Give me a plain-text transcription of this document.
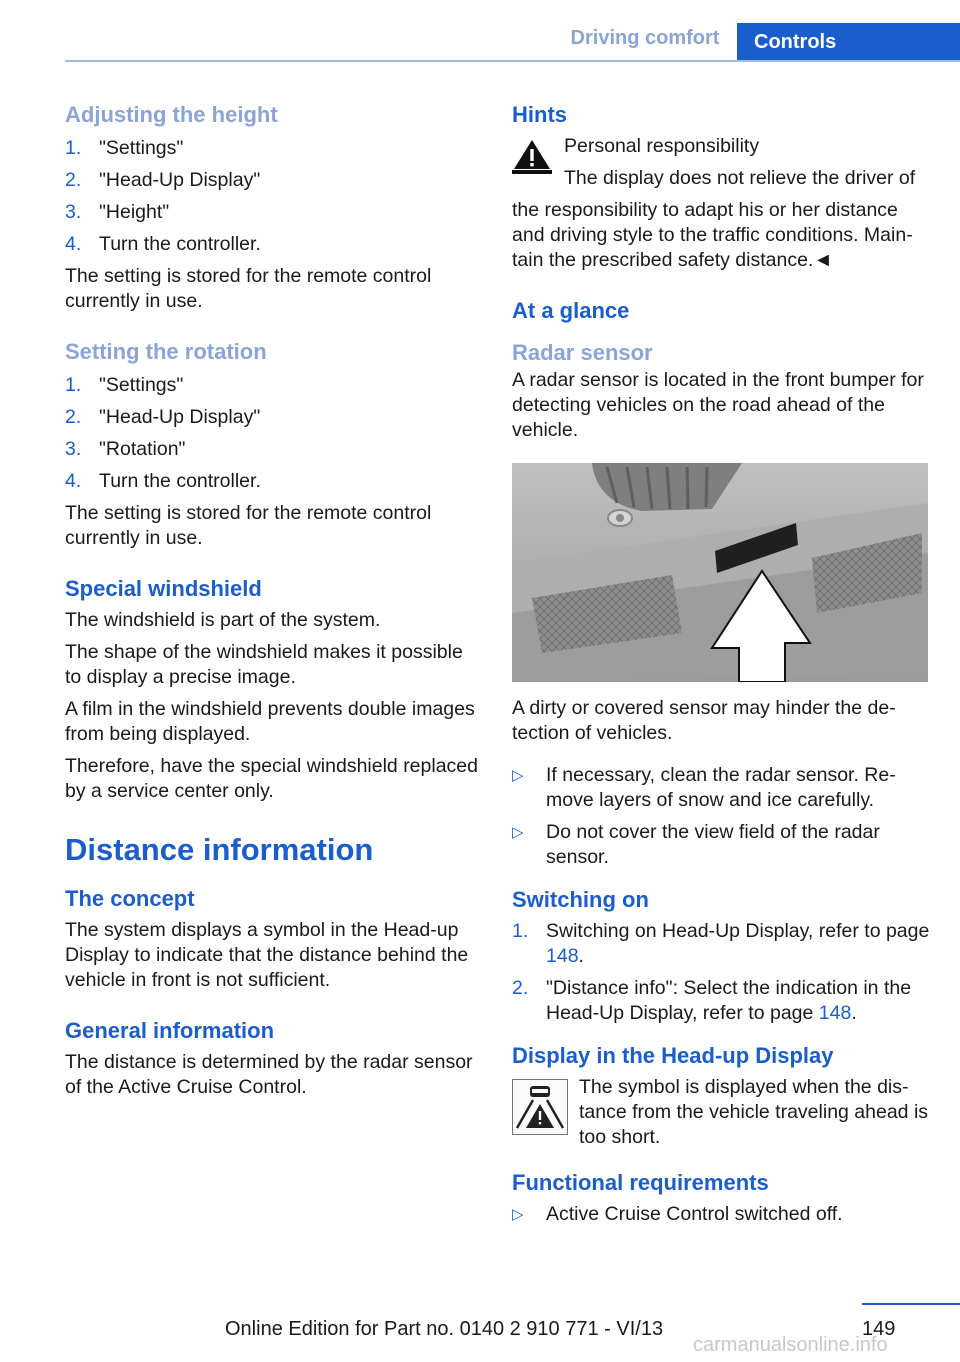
Driving comfort	Controls
Adjusting the height
1. "Settings"
2. "Head-Up Display"
3. "Height"
4. Turn the controller.
The setting is stored for the remote control currently in use.
Setting the rotation
1. "Settings"
2. "Head-Up Display"
3. "Rotation"
4. Turn the controller.
The setting is stored for the remote control currently in use.
Special windshield
The windshield is part of the system.
The shape of the windshield makes it possible to display a precise image.
A film in the windshield prevents double images from being displayed.
Therefore, have the special windshield replaced by a service center only.
Distance information
The concept
The system displays a symbol in the Head-up Display to indicate that the distance behind the vehicle in front is not sufficient.
General information
The distance is determined by the radar sensor of the Active Cruise Control.
Hints
Personal responsibility
The display does not relieve the driver of
the responsibility to adapt his or her distance and driving style to the traffic conditions. Maintain the prescribed safety distance.◄
At a glance
Radar sensor
A radar sensor is located in the front bumper for detecting vehicles on the road ahead of the vehicle.
A dirty or covered sensor may hinder the detection of vehicles.
▷	If necessary, clean the radar sensor. Remove layers of snow and ice carefully.
▷	Do not cover the view field of the radar sensor.
Switching on
1. Switching on Head-Up Display, refer to page 148.
2. "Distance info": Select the indication in the Head-Up Display, refer to page 148.
Display in the Head-up Display
The symbol is displayed when the distance from the vehicle traveling ahead is too short.
Functional requirements
▷	Active Cruise Control switched off.
149
Online Edition for Part no. 0140 2 910 771 - VI/13
carmanualsonline.info
